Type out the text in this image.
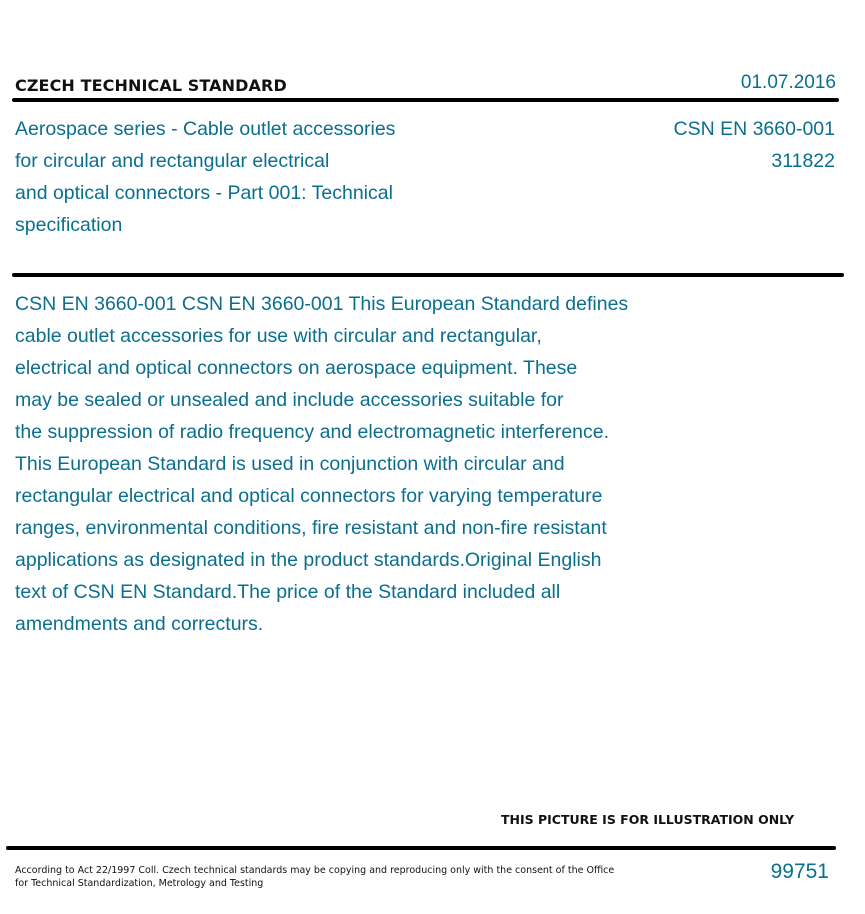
CZECH TECHNICAL STANDARD	01.07.2016
Aerospace series - Cable outlet accessories
for circular and rectangular electrical
and optical connectors - Part 001: Technical
specification
CSN EN 3660-001
311822
CSN EN 3660-001 CSN EN 3660-001 This European Standard defines
cable outlet accessories for use with circular and rectangular,
electrical and optical connectors on aerospace equipment. These
may be sealed or unsealed and include accessories suitable for
the suppression of radio frequency and electromagnetic interference.
This European Standard is used in conjunction with circular and
rectangular electrical and optical connectors for varying temperature
ranges, environmental conditions, fire resistant and non-fire resistant
applications as designated in the product standards.Original English
text of CSN EN Standard.The price of the Standard included all
amendments and correcturs.
THIS PICTURE IS FOR ILLUSTRATION ONLY
According to Act 22/1997 Coll. Czech technical standards may be copying and reproducing only with the consent of the Office
for Technical Standardization, Metrology and Testing
99751
